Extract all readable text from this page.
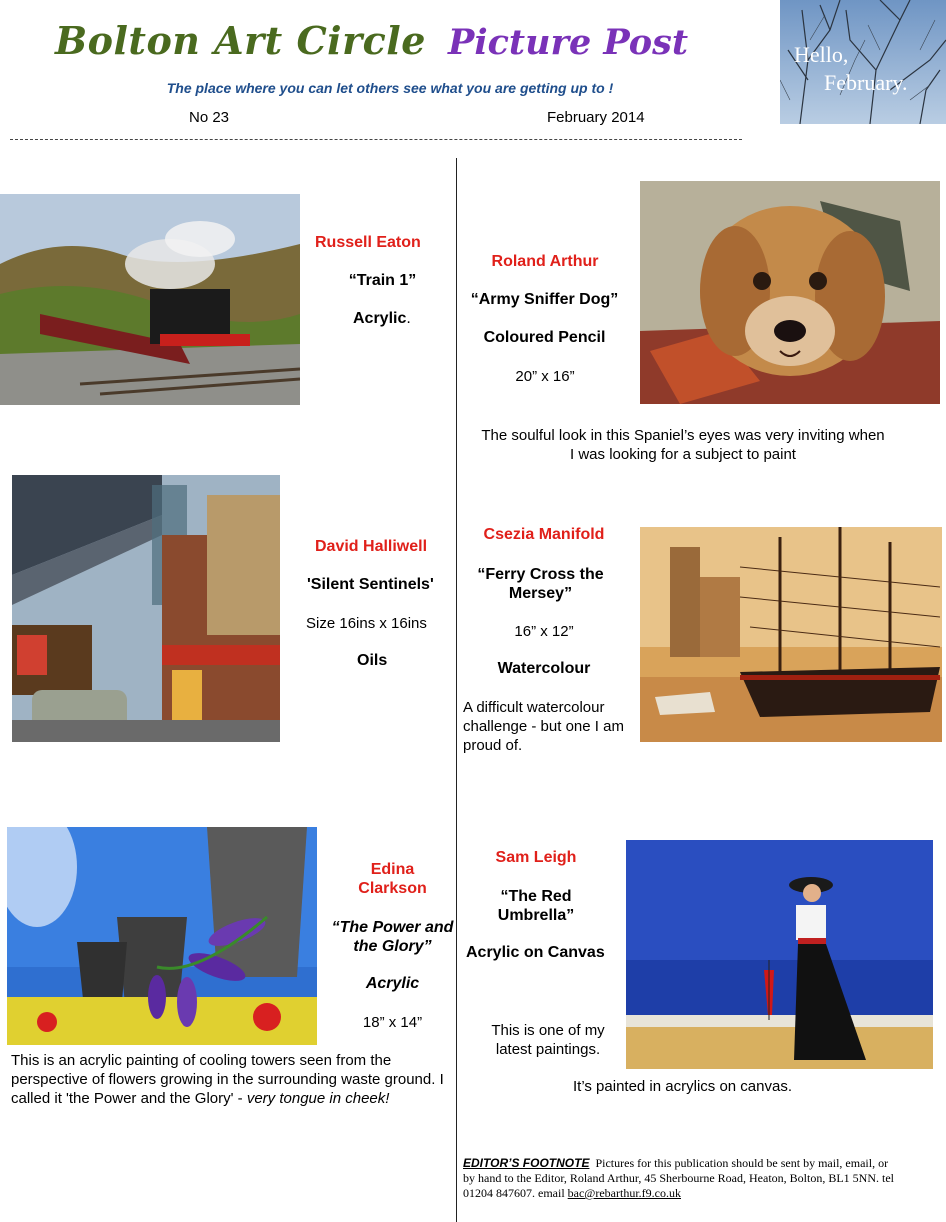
Bolton Art Circle Picture Post
The place where you can let others see what you are getting up to !
No 23	February 2014
Hello,
February.
Russell Eaton
“Train 1”
Acrylic.
Roland Arthur
“Army Sniffer Dog”
Coloured Pencil
20” x 16”
The soulful look in this Spaniel’s eyes was very inviting when I was looking for a subject to paint
David Halliwell
'Silent Sentinels'
Size 16ins x 16ins
Oils
Csezia Manifold
“Ferry Cross the Mersey”
16” x 12”
Watercolour
A difficult watercolour challenge - but one I am proud of.
Edina
Clarkson
“The Power and the Glory”
Acrylic
18” x 14”
This is an acrylic painting of cooling towers seen from the perspective of flowers growing in the surrounding waste ground. I called it 'the Power and the Glory' - very tongue in cheek!
Sam Leigh
“The Red Umbrella”
Acrylic on Canvas
This is one of my latest paintings.
It’s painted in acrylics on canvas.
EDITOR’S FOOTNOTE Pictures for this publication should be sent by mail, email, or by hand to the Editor, Roland Arthur, 45 Sherbourne Road, Heaton, Bolton, BL1 5NN. tel 01204 847607. email bac@rebarthur.f9.co.uk
